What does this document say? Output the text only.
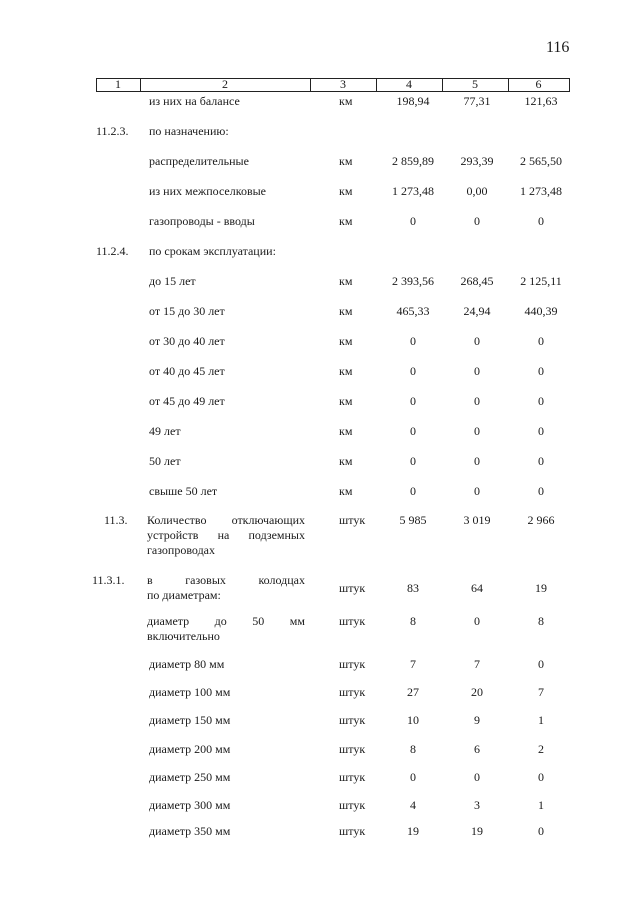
116
1	2	3	4	5	6
из них на балансе	км	198,94	77,31	121,63
11.2.3. по назначению:
распределительные	км	2 859,89	293,39	2 565,50
из них межпоселковые	км	1 273,48	0,00	1 273,48
газопроводы - вводы	км	0	0	0
11.2.4. по срокам эксплуатации:
до 15 лет	км	2 393,56	268,45	2 125,11
от 15 до 30 лет	км	465,33	24,94	440,39
от 30 до 40 лет	км	0	0	0
от 40 до 45 лет	км	0	0	0
от 45 до 49 лет	км	0	0	0
49 лет	км	0	0	0
50 лет	км	0	0	0
свыше 50 лет	км	0	0	0
11.3. Количество отключающих
устройств на подземных
газопроводах
штук	5 985	3 019	2 966
11.3.1. в газовых колодцах
по диаметрам:	штук	83	64	19
диаметр до 50 мм
включительно
штук	8	0	8
диаметр 80 мм	штук	7	7	0
диаметр 100 мм	штук	27	20	7
диаметр 150 мм	штук	10	9	1
диаметр 200 мм	штук	8	6	2
диаметр 250 мм	штук	0	0	0
диаметр 300 мм	штук	4	3	1
диаметр 350 мм	штук	19	19	0
